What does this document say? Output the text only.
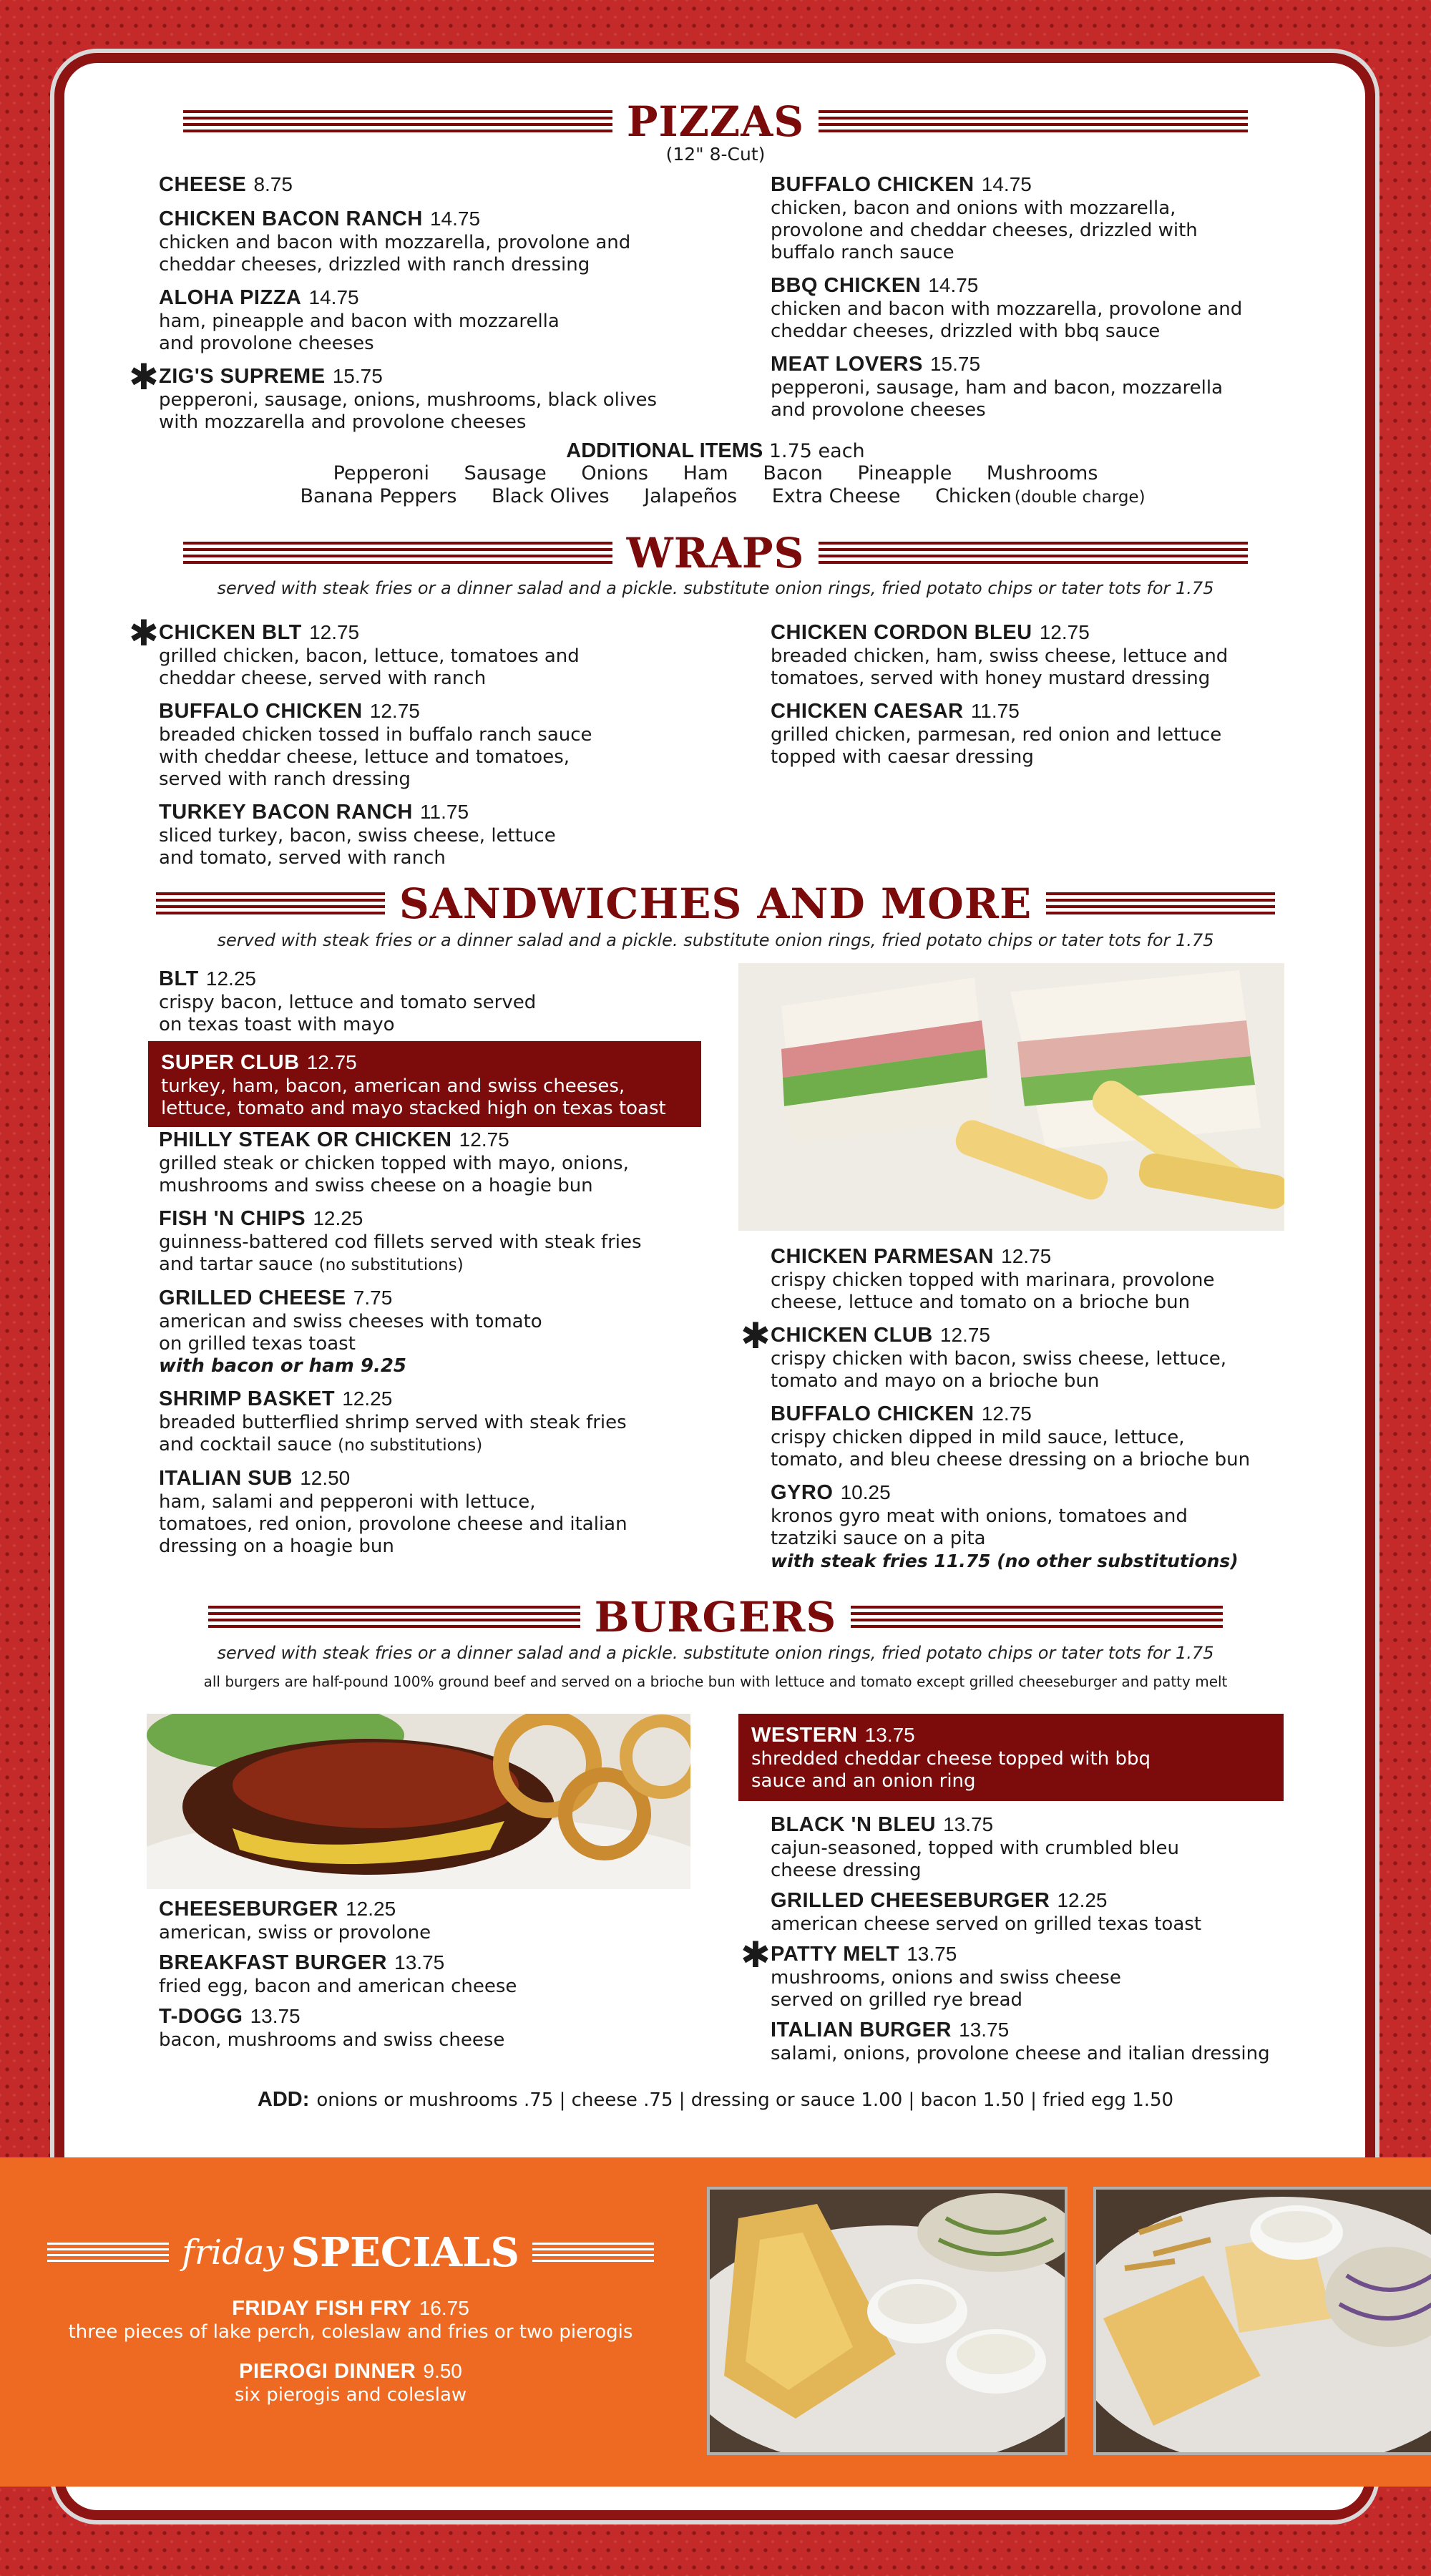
PIZZAS
(12" 8-Cut)
CHEESE 8.75
CHICKEN BACON RANCH 14.75
chicken and bacon with mozzarella, provolone and cheddar cheeses, drizzled with ranch dressing
ALOHA PIZZA 14.75
ham, pineapple and bacon with mozzarella and provolone cheeses
✱ ZIG'S SUPREME 15.75
pepperoni, sausage, onions, mushrooms, black olives with mozzarella and provolone cheeses
BUFFALO CHICKEN 14.75
chicken, bacon and onions with mozzarella, provolone and cheddar cheeses, drizzled with buffalo ranch sauce
BBQ CHICKEN 14.75
chicken and bacon with mozzarella, provolone and cheddar cheeses, drizzled with bbq sauce
MEAT LOVERS 15.75
pepperoni, sausage, ham and bacon, mozzarella and provolone cheeses
ADDITIONAL ITEMS 1.75 each
Pepperoni Sausage Onions Ham Bacon Pineapple Mushrooms
Banana Peppers Black Olives Jalapeños Extra Cheese Chicken (double charge)
WRAPS
served with steak fries or a dinner salad and a pickle. substitute onion rings, fried potato chips or tater tots for 1.75
✱ CHICKEN BLT 12.75
grilled chicken, bacon, lettuce, tomatoes and cheddar cheese, served with ranch
BUFFALO CHICKEN 12.75
breaded chicken tossed in buffalo ranch sauce with cheddar cheese, lettuce and tomatoes, served with ranch dressing
TURKEY BACON RANCH 11.75
sliced turkey, bacon, swiss cheese, lettuce and tomato, served with ranch
CHICKEN CORDON BLEU 12.75
breaded chicken, ham, swiss cheese, lettuce and tomatoes, served with honey mustard dressing
CHICKEN CAESAR 11.75
grilled chicken, parmesan, red onion and lettuce topped with caesar dressing
SANDWICHES AND MORE
served with steak fries or a dinner salad and a pickle. substitute onion rings, fried potato chips or tater tots for 1.75
BLT 12.25
crispy bacon, lettuce and tomato served on texas toast with mayo
SUPER CLUB 12.75
turkey, ham, bacon, american and swiss cheeses, lettuce, tomato and mayo stacked high on texas toast
PHILLY STEAK OR CHICKEN 12.75
grilled steak or chicken topped with mayo, onions, mushrooms and swiss cheese on a hoagie bun
FISH 'N CHIPS 12.25
guinness-battered cod fillets served with steak fries and tartar sauce (no substitutions)
GRILLED CHEESE 7.75
american and swiss cheeses with tomato on grilled texas toast
with bacon or ham 9.25
SHRIMP BASKET 12.25
breaded butterflied shrimp served with steak fries and cocktail sauce (no substitutions)
ITALIAN SUB 12.50
ham, salami and pepperoni with lettuce, tomatoes, red onion, provolone cheese and italian dressing on a hoagie bun
CHICKEN PARMESAN 12.75
crispy chicken topped with marinara, provolone cheese, lettuce and tomato on a brioche bun
✱ CHICKEN CLUB 12.75
crispy chicken with bacon, swiss cheese, lettuce, tomato and mayo on a brioche bun
BUFFALO CHICKEN 12.75
crispy chicken dipped in mild sauce, lettuce, tomato, and bleu cheese dressing on a brioche bun
GYRO 10.25
kronos gyro meat with onions, tomatoes and tzatziki sauce on a pita
with steak fries 11.75 (no other substitutions)
BURGERS
served with steak fries or a dinner salad and a pickle. substitute onion rings, fried potato chips or tater tots for 1.75
all burgers are half-pound 100% ground beef and served on a brioche bun with lettuce and tomato except grilled cheeseburger and patty melt
CHEESEBURGER 12.25
american, swiss or provolone
BREAKFAST BURGER 13.75
fried egg, bacon and american cheese
T-DOGG 13.75
bacon, mushrooms and swiss cheese
WESTERN 13.75
shredded cheddar cheese topped with bbq sauce and an onion ring
BLACK 'N BLEU 13.75
cajun-seasoned, topped with crumbled bleu cheese dressing
GRILLED CHEESEBURGER 12.25
american cheese served on grilled texas toast
✱ PATTY MELT 13.75
mushrooms, onions and swiss cheese served on grilled rye bread
ITALIAN BURGER 13.75
salami, onions, provolone cheese and italian dressing
ADD: onions or mushrooms .75 | cheese .75 | dressing or sauce 1.00 | bacon 1.50 | fried egg 1.50
friday SPECIALS
FRIDAY FISH FRY 16.75
three pieces of lake perch, coleslaw and fries or two pierogis
PIEROGI DINNER 9.50
six pierogis and coleslaw
